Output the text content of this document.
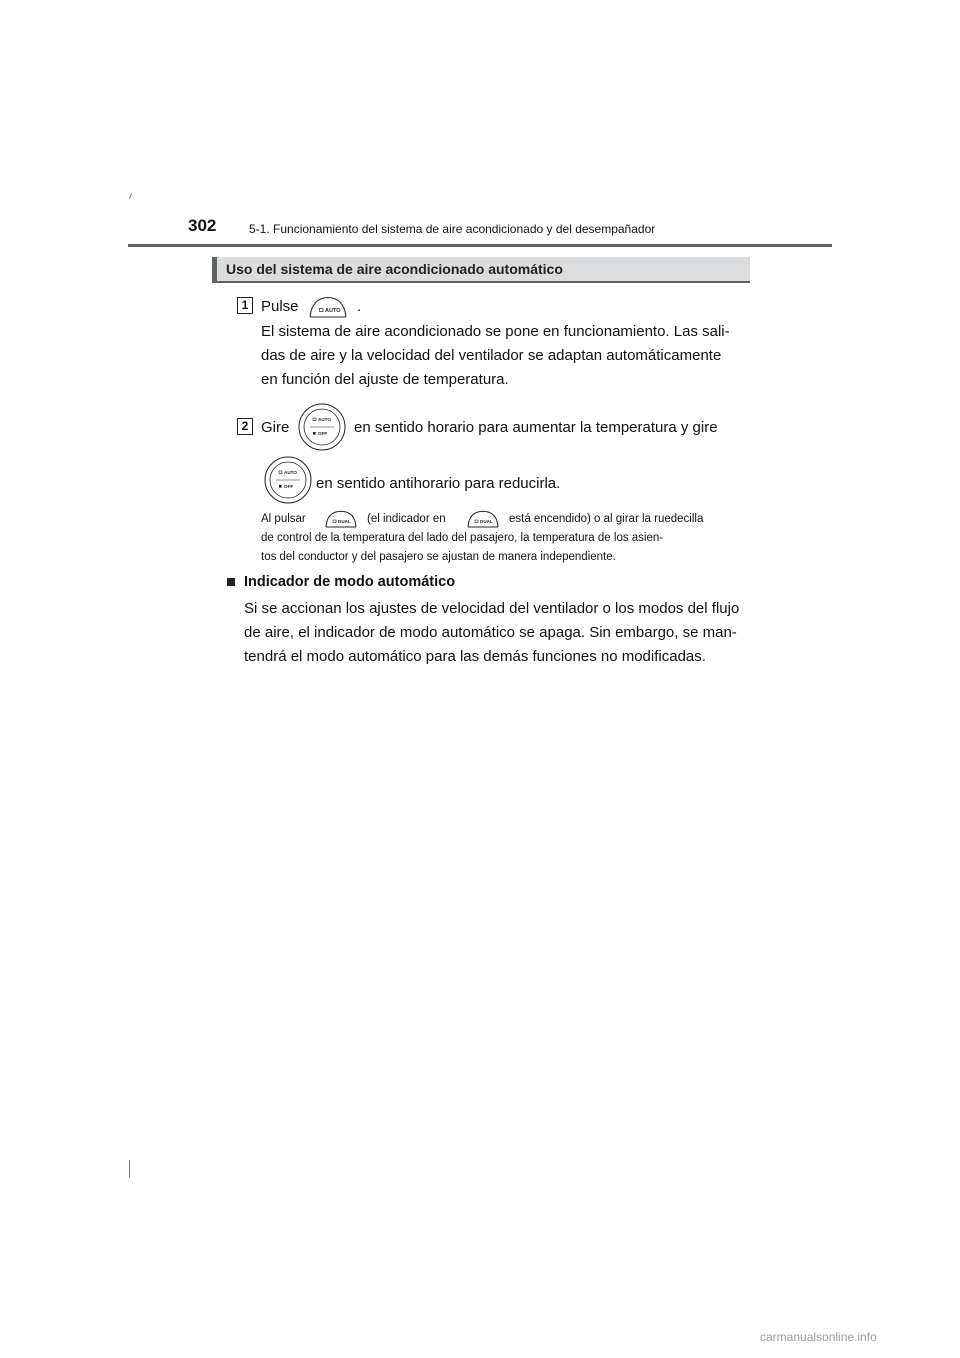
302	5-1. Funcionamiento del sistema de aire acondicionado y del desempañador
Uso del sistema de aire acondicionado automático
1 Pulse	AUTO .
El sistema de aire acondicionado se pone en funcionamiento. Las sali-
das de aire y la velocidad del ventilador se adaptan automáticamente
en función del ajuste de temperatura.
2 Gire	AUTO
OFF en sentido horario para aumentar la temperatura y gire
AUTO
OFF en sentido antihorario para reducirla.
Al pulsar	DUAL (el indicador en	DUAL está encendido) o al girar la ruedecilla
de control de la temperatura del lado del pasajero, la temperatura de los asien-
tos del conductor y del pasajero se ajustan de manera independiente.
Indicador de modo automático
Si se accionan los ajustes de velocidad del ventilador o los modos del flujo
de aire, el indicador de modo automático se apaga. Sin embargo, se man-
tendrá el modo automático para las demás funciones no modificadas.
carmanualsonline.info
